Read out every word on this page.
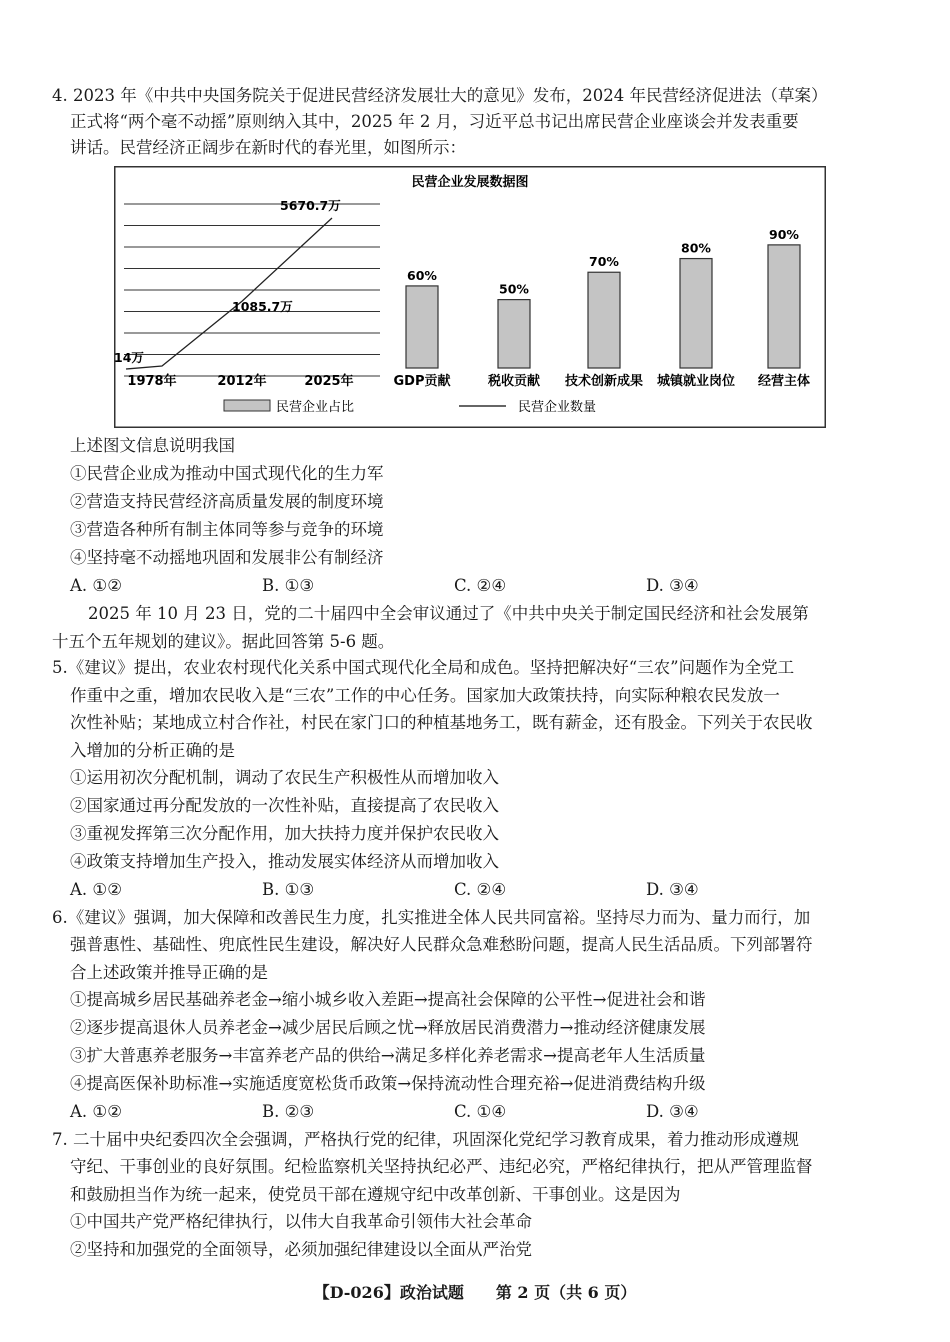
4. 2023 年《中共中央国务院关于促进民营经济发展壮大的意见》发布，2024 年民营经济促进法（草案）
正式将“两个毫不动摇”原则纳入其中，2025 年 2 月，习近平总书记出席民营企业座谈会并发表重要
讲话。民营经济正阔步在新时代的春光里，如图所示：
民营企业发展数据图
14万
1085.7万
5670.7万
1978年	2012年	2025年
60%
GDP贡献
50%
税收贡献
70%
技术创新成果
80%
城镇就业岗位
90%
经营主体
民营企业占比	民营企业数量
上述图文信息说明我国
①民营企业成为推动中国式现代化的生力军
②营造支持民营经济高质量发展的制度环境
③营造各种所有制主体同等参与竞争的环境
④坚持毫不动摇地巩固和发展非公有制经济
A. ①②	B. ①③	C. ②④	D. ③④
2025 年 10 月 23 日，党的二十届四中全会审议通过了《中共中央关于制定国民经济和社会发展第
十五个五年规划的建议》。据此回答第 5-6 题。
5.《建议》提出，农业农村现代化关系中国式现代化全局和成色。坚持把解决好“三农”问题作为全党工
作重中之重，增加农民收入是“三农”工作的中心任务。国家加大政策扶持，向实际种粮农民发放一
次性补贴；某地成立村合作社，村民在家门口的种植基地务工，既有薪金，还有股金。下列关于农民收
入增加的分析正确的是
①运用初次分配机制，调动了农民生产积极性从而增加收入
②国家通过再分配发放的一次性补贴，直接提高了农民收入
③重视发挥第三次分配作用，加大扶持力度并保护农民收入
④政策支持增加生产投入，推动发展实体经济从而增加收入
A. ①②	B. ①③	C. ②④	D. ③④
6.《建议》强调，加大保障和改善民生力度，扎实推进全体人民共同富裕。坚持尽力而为、量力而行，加
强普惠性、基础性、兜底性民生建设，解决好人民群众急难愁盼问题，提高人民生活品质。下列部署符
合上述政策并推导正确的是
①提高城乡居民基础养老金→缩小城乡收入差距→提高社会保障的公平性→促进社会和谐
②逐步提高退休人员养老金→减少居民后顾之忧→释放居民消费潜力→推动经济健康发展
③扩大普惠养老服务→丰富养老产品的供给→满足多样化养老需求→提高老年人生活质量
④提高医保补助标准→实施适度宽松货币政策→保持流动性合理充裕→促进消费结构升级
A. ①②	B. ②③	C. ①④	D. ③④
7. 二十届中央纪委四次全会强调，严格执行党的纪律，巩固深化党纪学习教育成果，着力推动形成遵规
守纪、干事创业的良好氛围。纪检监察机关坚持执纪必严、违纪必究，严格纪律执行，把从严管理监督
和鼓励担当作为统一起来，使党员干部在遵规守纪中改革创新、干事创业。这是因为
①中国共产党严格纪律执行，以伟大自我革命引领伟大社会革命
②坚持和加强党的全面领导，必须加强纪律建设以全面从严治党
【D-026】政治试题　　第 2 页（共 6 页）
